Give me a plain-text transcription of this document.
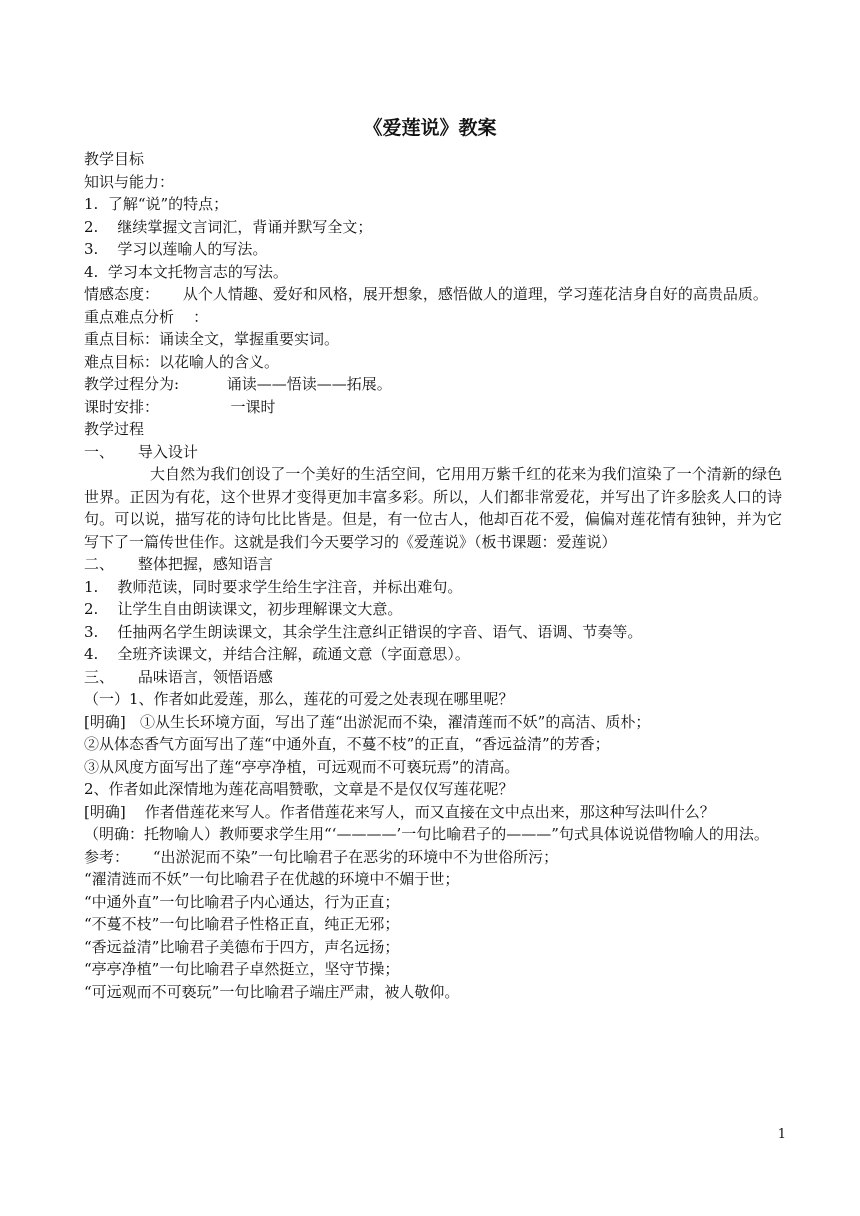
《爱莲说》教案
教学目标
知识与能力：
1.  了解“说”的特点；
2.    继续掌握文言词汇，背诵并默写全文；
3.    学习以莲喻人的写法。
4.  学习本文托物言志的写法。
情感态度：     从个人情趣、爱好和风格，展开想象，感悟做人的道理，学习莲花洁身自好的高贵品质。
重点难点分析    ：
重点目标：诵读全文，掌握重要实词。
难点目标：以花喻人的含义。
教学过程分为:          诵读——悟读——拓展。
课时安排：               一课时
教学过程
一、     导入设计
大自然为我们创设了一个美好的生活空间，它用用万紫千红的花来为我们渲染了一个清新的绿色世界。正因为有花，这个世界才变得更加丰富多彩。所以，人们都非常爱花，并写出了许多脍炙人口的诗句。可以说，描写花的诗句比比皆是。但是，有一位古人，他却百花不爱，偏偏对莲花情有独钟，并为它写下了一篇传世佳作。这就是我们今天要学习的《爱莲说》（板书课题：爱莲说）
二、     整体把握，感知语言
1.    教师范读，同时要求学生给生字注音，并标出难句。
2.    让学生自由朗读课文，初步理解课文大意。
3.    任抽两名学生朗读课文，其余学生注意纠正错误的字音、语气、语调、节奏等。
4.    全班齐读课文，并结合注解，疏通文意（字面意思）。
三、     品味语言，领悟语感
（一）1、作者如此爱莲，那么，莲花的可爱之处表现在哪里呢？
[明确]   ①从生长环境方面，写出了莲“出淤泥而不染，濯清莲而不妖”的高洁、质朴；
②从体态香气方面写出了莲“中通外直，不蔓不枝”的正直，“香远益清”的芳香；
③从风度方面写出了莲“亭亭净植，可远观而不可亵玩焉”的清高。
2、作者如此深情地为莲花高唱赞歌，文章是不是仅仅写莲花呢？
[明确]    作者借莲花来写人。作者借莲花来写人，而又直接在文中点出来，那这种写法叫什么？
（明确：托物喻人）教师要求学生用“‘————’一句比喻君子的———”句式具体说说借物喻人的用法。
参考：     “出淤泥而不染”一句比喻君子在恶劣的环境中不为世俗所污；
“濯清涟而不妖”一句比喻君子在优越的环境中不媚于世；
“中通外直”一句比喻君子内心通达，行为正直；
“不蔓不枝”一句比喻君子性格正直，纯正无邪；
“香远益清”比喻君子美德布于四方，声名远扬；
“亭亭净植”一句比喻君子卓然挺立，坚守节操；
“可远观而不可亵玩”一句比喻君子端庄严肃，被人敬仰。
1
